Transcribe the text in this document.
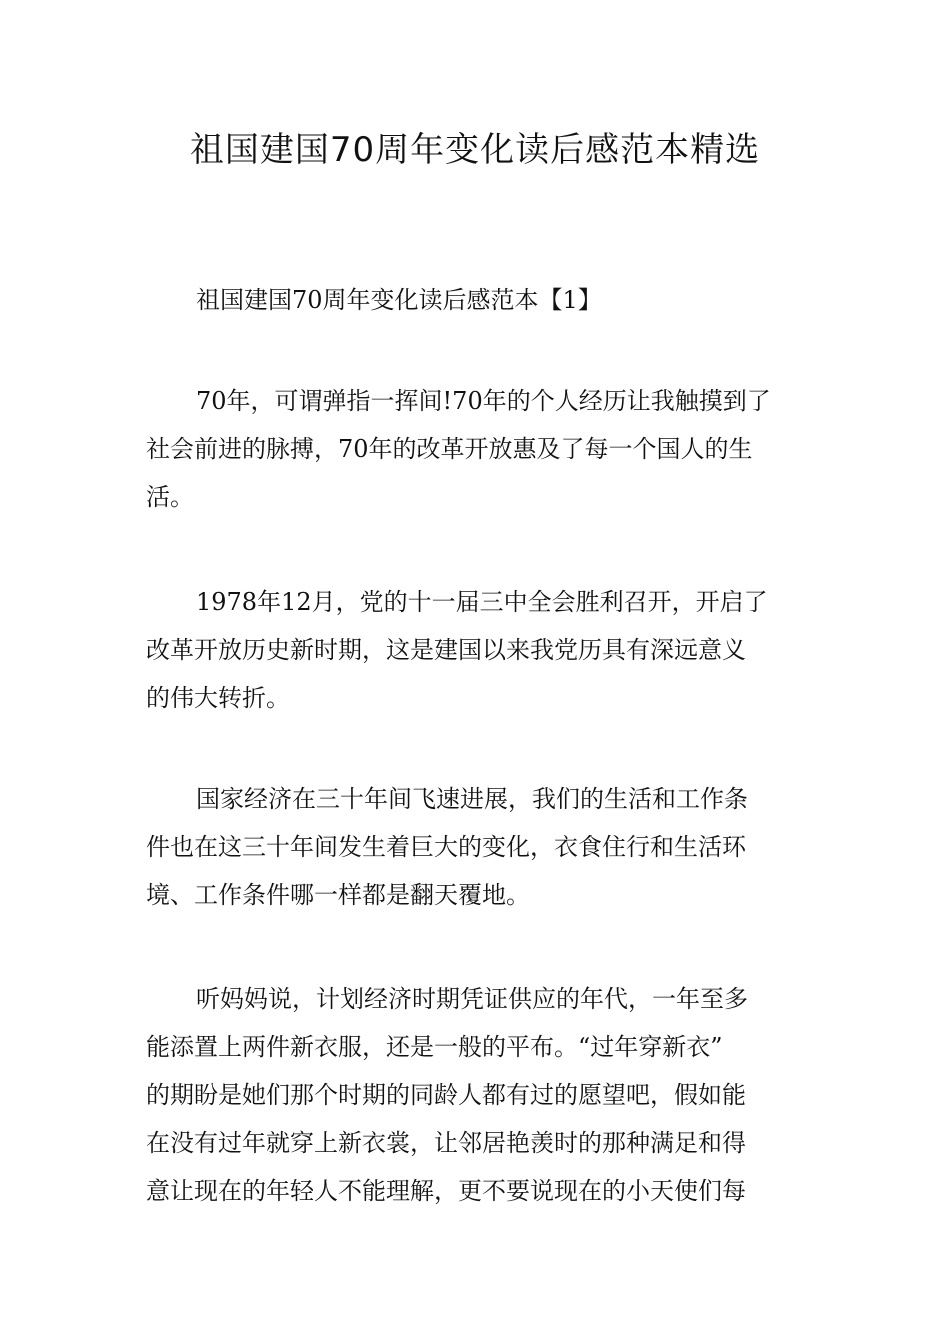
祖国建国70周年变化读后感范本精选

祖国建国70周年变化读后感范本【1】

70年，可谓弹指一挥间!70年的个人经历让我触摸到了
社会前进的脉搏，70年的改革开放惠及了每一个国人的生
活。
1978年12月，党的十一届三中全会胜利召开，开启了
改革开放历史新时期，这是建国以来我党历具有深远意义
的伟大转折。
国家经济在三十年间飞速进展，我们的生活和工作条
件也在这三十年间发生着巨大的变化，衣食住行和生活环
境、工作条件哪一样都是翻天覆地。
听妈妈说，计划经济时期凭证供应的年代，一年至多
能添置上两件新衣服，还是一般的平布。“过年穿新衣”
的期盼是她们那个时期的同龄人都有过的愿望吧，假如能
在没有过年就穿上新衣裳，让邻居艳羡时的那种满足和得
意让现在的年轻人不能理解，更不要说现在的小天使们每
